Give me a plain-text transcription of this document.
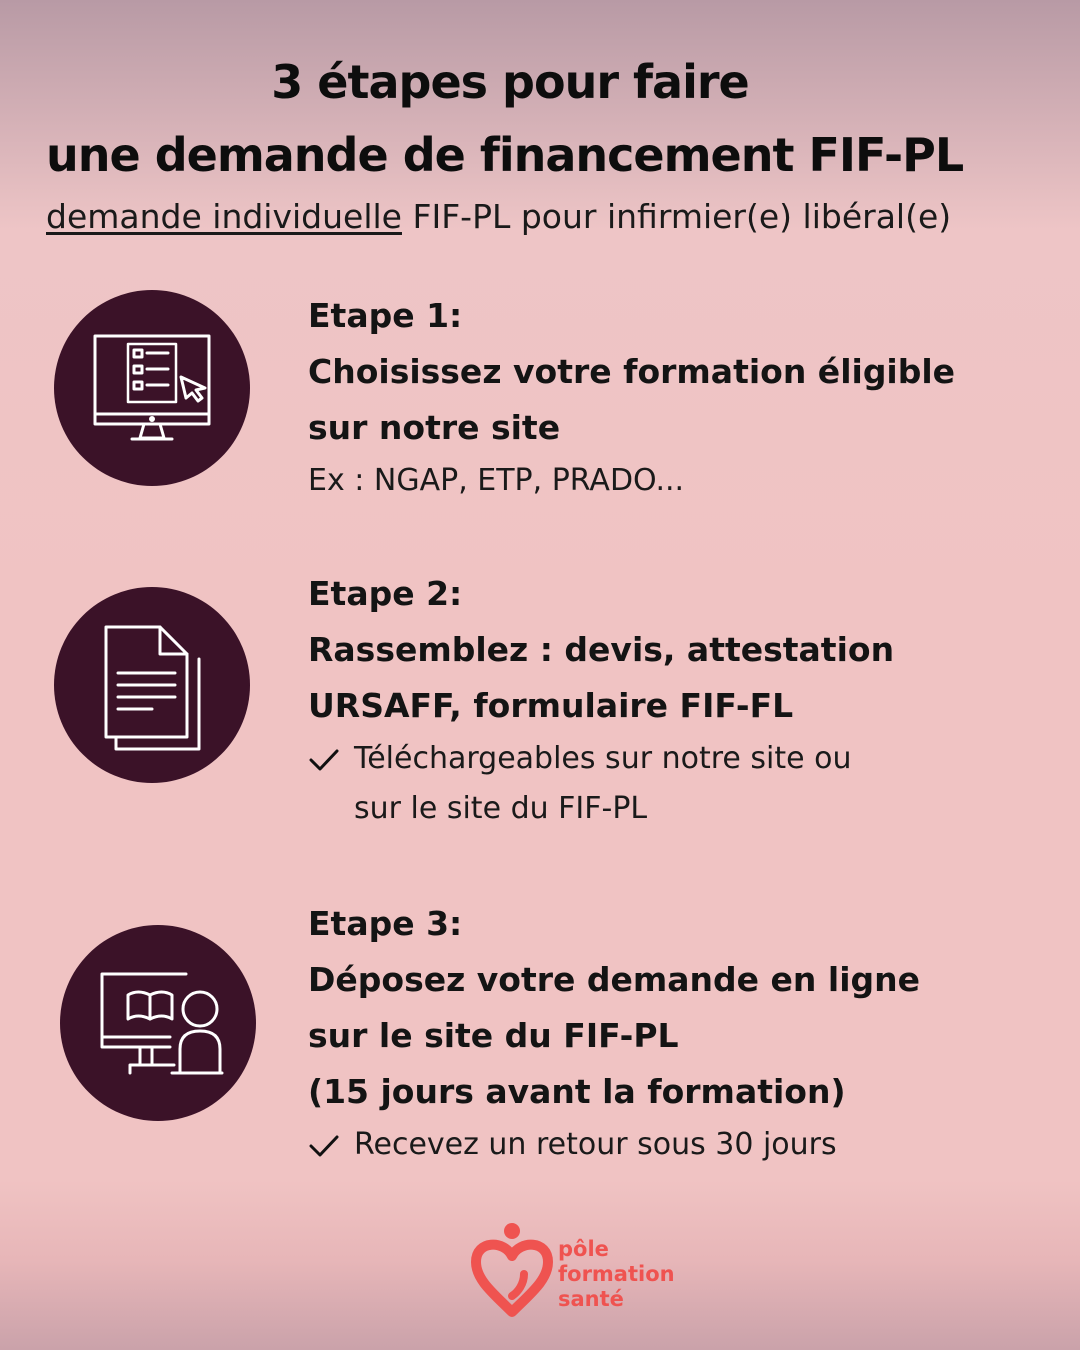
3 étapes pour faire
une demande de financement FIF-PL
demande individuelle FIF-PL pour infirmier(e) libéral(e)
Etape 1:
Choisissez votre formation éligible
sur notre site
Ex : NGAP, ETP, PRADO...
Etape 2:
Rassemblez : devis, attestation
URSAFF, formulaire FIF-FL
Téléchargeables sur notre site ou
sur le site du FIF-PL
Etape 3:
Déposez votre demande en ligne
sur le site du FIF-PL
(15 jours avant la formation)
Recevez un retour sous 30 jours
pôle
formation
santé
